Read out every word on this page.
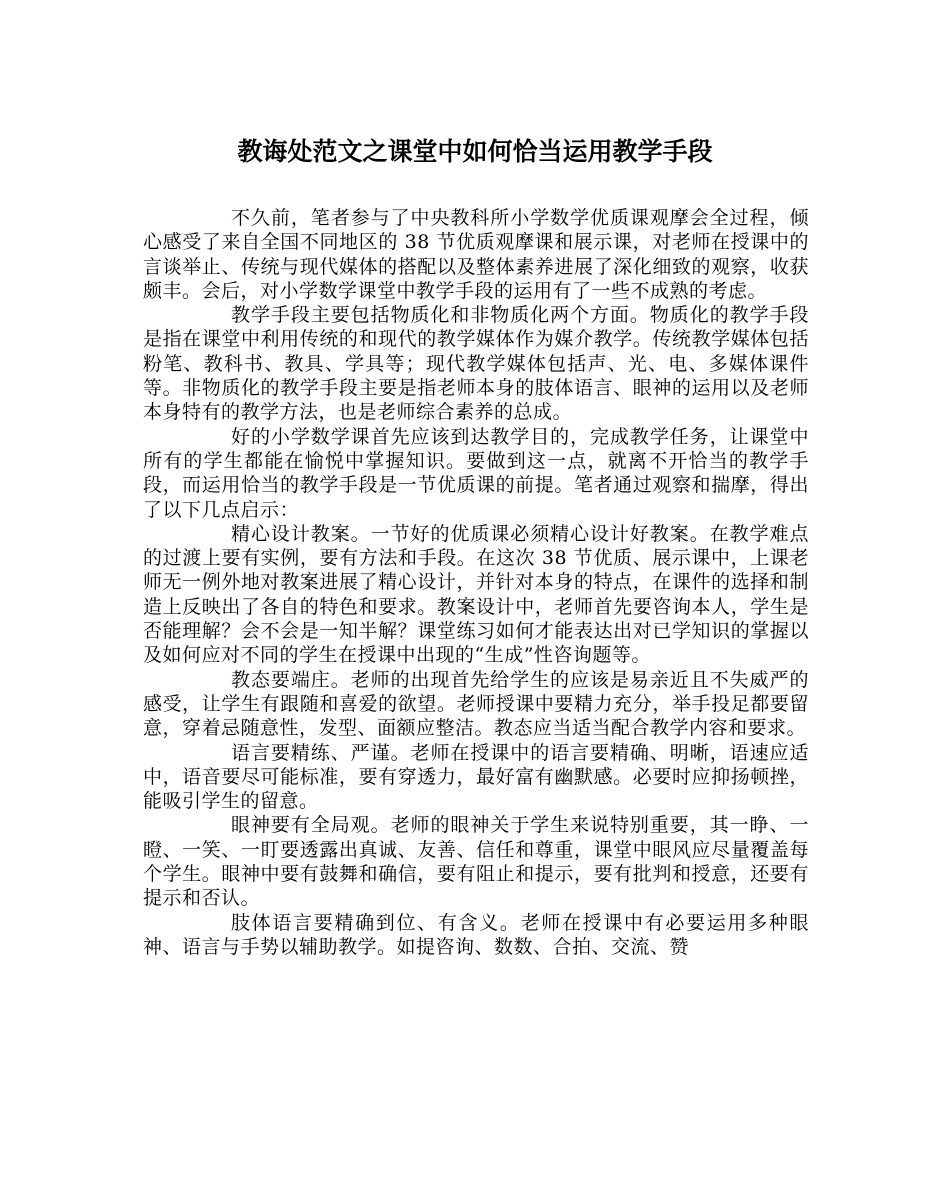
教诲处范文之课堂中如何恰当运用教学手段

不久前，笔者参与了中央教科所小学数学优质课观摩会全过程，倾心感受了来自全国不同地区的 38 节优质观摩课和展示课，对老师在授课中的言谈举止、传统与现代媒体的搭配以及整体素养进展了深化细致的观察，收获颇丰。会后，对小学数学课堂中教学手段的运用有了一些不成熟的考虑。

教学手段主要包括物质化和非物质化两个方面。物质化的教学手段是指在课堂中利用传统的和现代的教学媒体作为媒介教学。传统教学媒体包括粉笔、教科书、教具、学具等；现代教学媒体包括声、光、电、多媒体课件等。非物质化的教学手段主要是指老师本身的肢体语言、眼神的运用以及老师本身特有的教学方法，也是老师综合素养的总成。

好的小学数学课首先应该到达教学目的，完成教学任务，让课堂中所有的学生都能在愉悦中掌握知识。要做到这一点，就离不开恰当的教学手段，而运用恰当的教学手段是一节优质课的前提。笔者通过观察和揣摩，得出了以下几点启示：

精心设计教案。一节好的优质课必须精心设计好教案。在教学难点的过渡上要有实例，要有方法和手段。在这次 38 节优质、展示课中，上课老师无一例外地对教案进展了精心设计，并针对本身的特点，在课件的选择和制造上反映出了各自的特色和要求。教案设计中，老师首先要咨询本人，学生是否能理解？会不会是一知半解？课堂练习如何才能表达出对已学知识的掌握以及如何应对不同的学生在授课中出现的“生成”性咨询题等。

教态要端庄。老师的出现首先给学生的应该是易亲近且不失威严的感受，让学生有跟随和喜爱的欲望。老师授课中要精力充分，举手投足都要留意，穿着忌随意性，发型、面额应整洁。教态应当适当配合教学内容和要求。

语言要精练、严谨。老师在授课中的语言要精确、明晰，语速应适中，语音要尽可能标准，要有穿透力，最好富有幽默感。必要时应抑扬顿挫，能吸引学生的留意。

眼神要有全局观。老师的眼神关于学生来说特别重要，其一睁、一瞪、一笑、一盯要透露出真诚、友善、信任和尊重，课堂中眼风应尽量覆盖每个学生。眼神中要有鼓舞和确信，要有阻止和提示，要有批判和授意，还要有提示和否认。

肢体语言要精确到位、有含义。老师在授课中有必要运用多种眼神、语言与手势以辅助教学。如提咨询、数数、合拍、交流、赞
